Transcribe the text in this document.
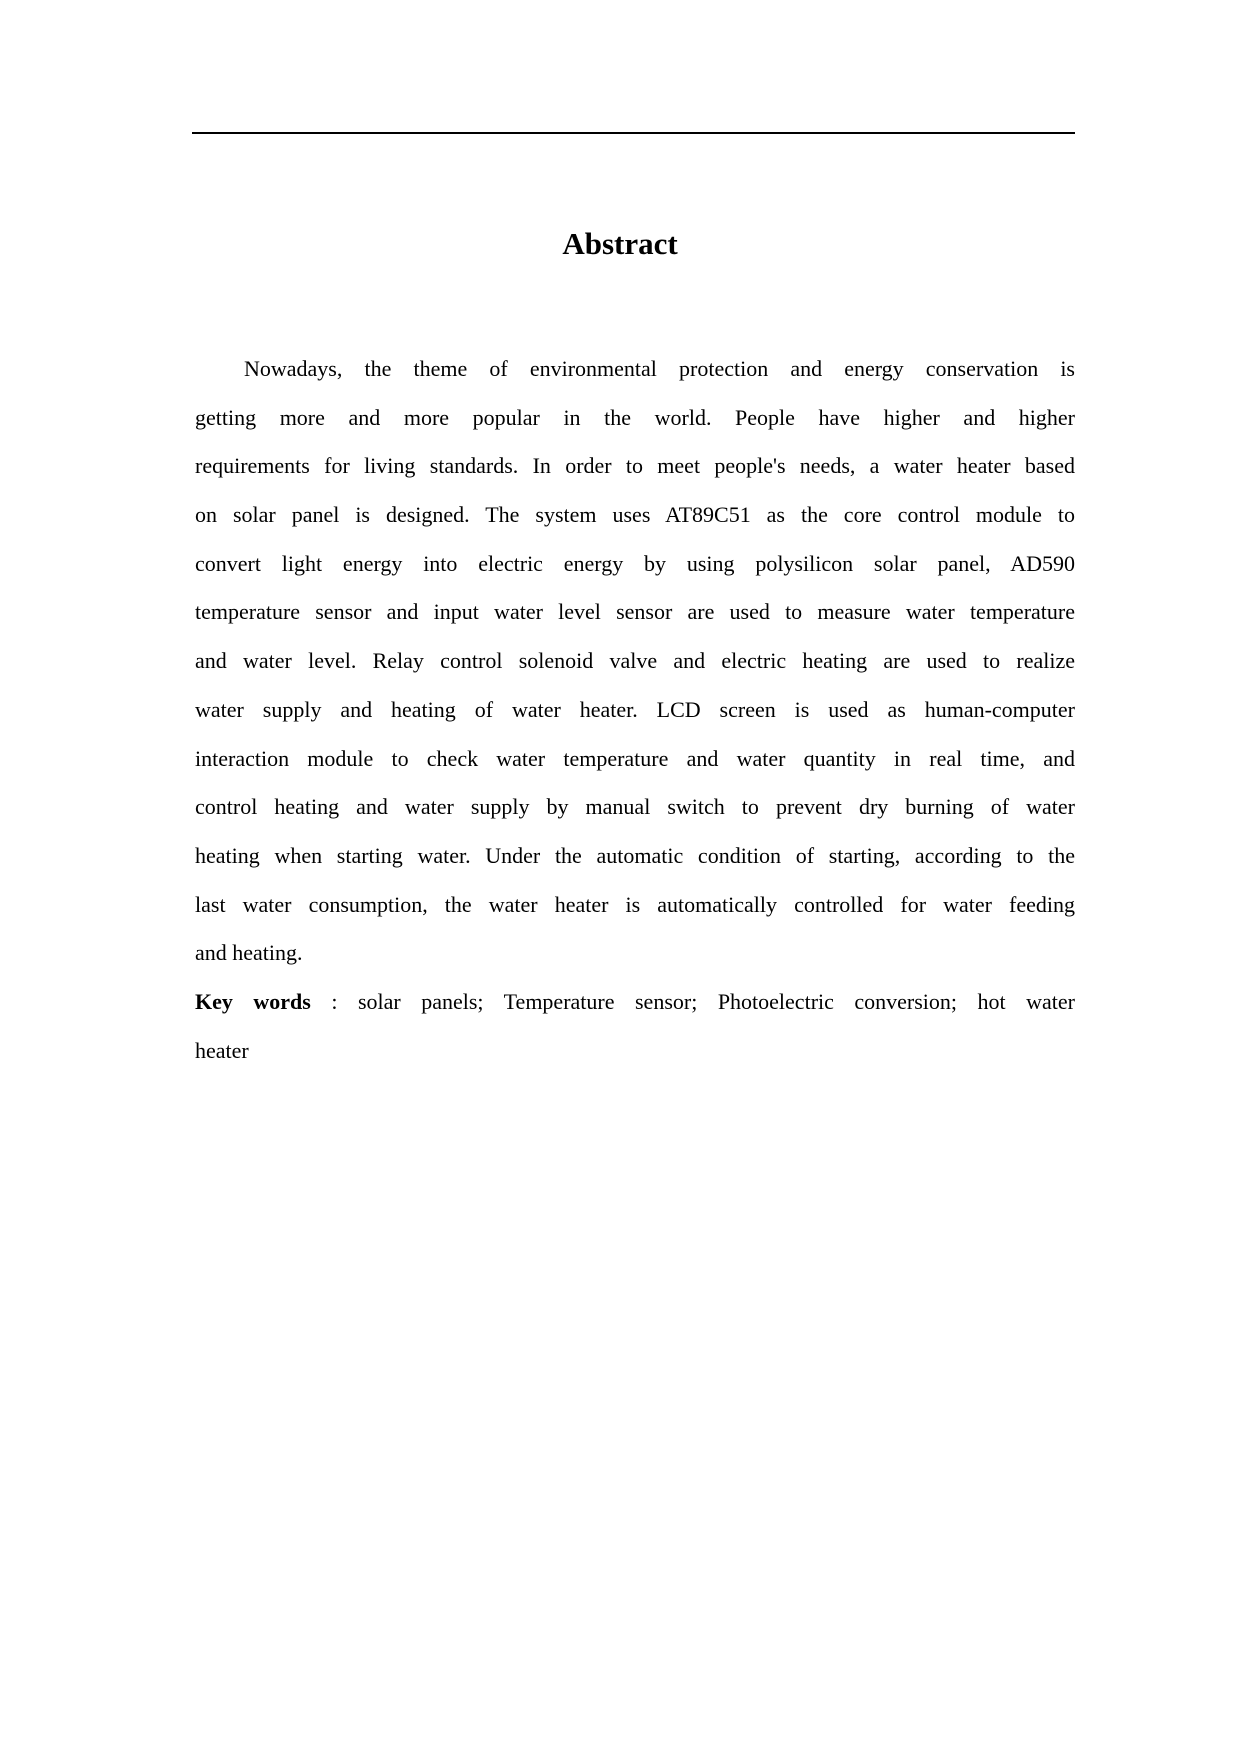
Abstract
Nowadays, the theme of environmental protection and energy conservation is
getting more and more popular in the world. People have higher and higher
requirements for living standards. In order to meet people's needs, a water heater based
on solar panel is designed. The system uses AT89C51 as the core control module to
convert light energy into electric energy by using polysilicon solar panel, AD590
temperature sensor and input water level sensor are used to measure water temperature
and water level. Relay control solenoid valve and electric heating are used to realize
water supply and heating of water heater. LCD screen is used as human-computer
interaction module to check water temperature and water quantity in real time, and
control heating and water supply by manual switch to prevent dry burning of water
heating when starting water. Under the automatic condition of starting, according to the
last water consumption, the water heater is automatically controlled for water feeding
and heating.
Key words : solar panels; Temperature sensor; Photoelectric conversion; hot water
heater
